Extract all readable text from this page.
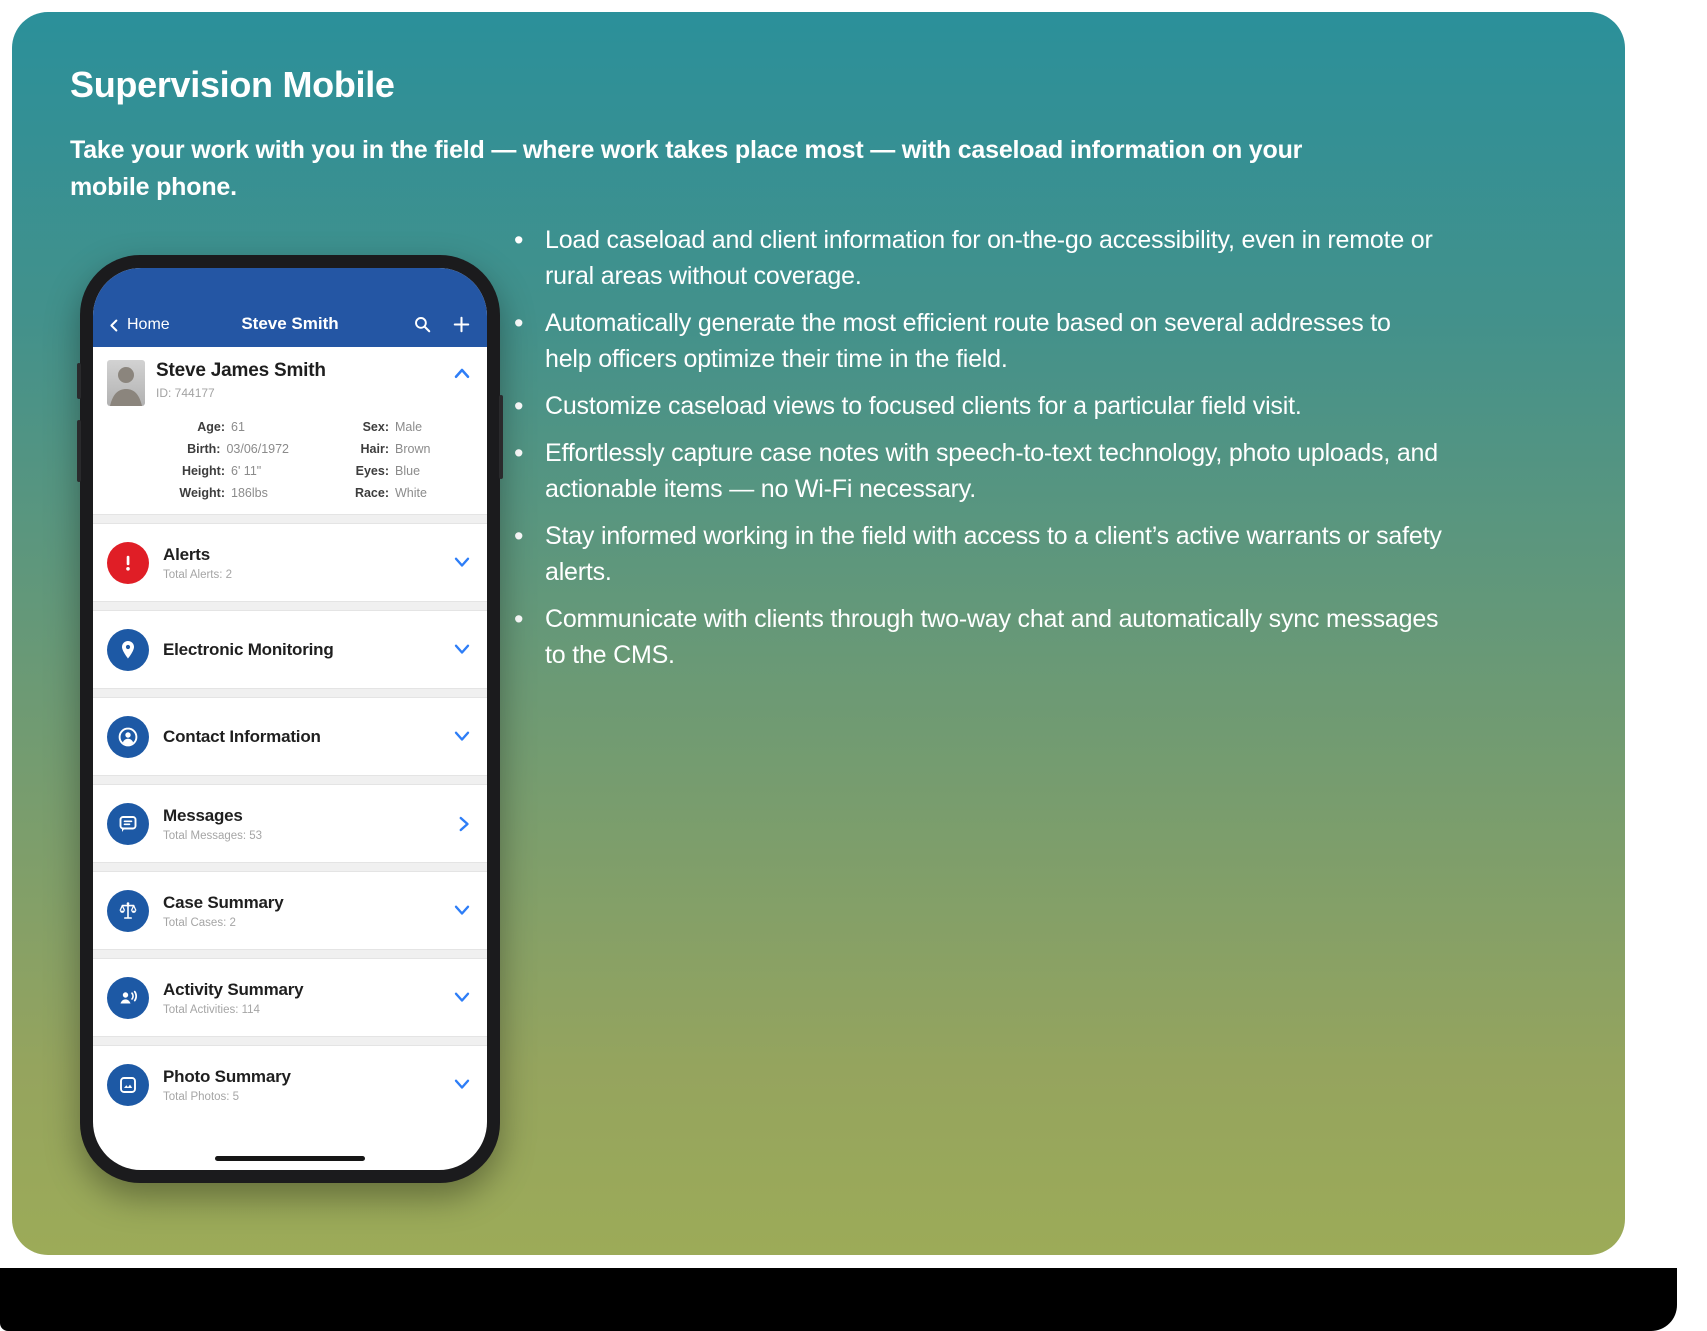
Supervision Mobile

Take your work with you in the field — where work takes place most — with caseload information on your mobile phone.

• Load caseload and client information for on-the-go accessibility, even in remote or rural areas without coverage.
• Automatically generate the most efficient route based on several addresses to help officers optimize their time in the field.
• Customize caseload views to focused clients for a particular field visit.
• Effortlessly capture case notes with speech-to-text technology, photo uploads, and actionable items — no Wi-Fi necessary.
• Stay informed working in the field with access to a client’s active warrants or safety alerts.
• Communicate with clients through two-way chat and automatically sync messages to the CMS.
Home	Steve Smith
Steve James Smith
ID: 744177
Age: 61	Sex: Male
Birth: 03/06/1972	Hair: Brown
Height: 6' 11"	Eyes: Blue
Weight: 186lbs	Race: White
Alerts
Total Alerts: 2
Electronic Monitoring
Contact Information
Messages
Total Messages: 53
Case Summary
Total Cases: 2
Activity Summary
Total Activities: 114
Photo Summary
Total Photos: 5
